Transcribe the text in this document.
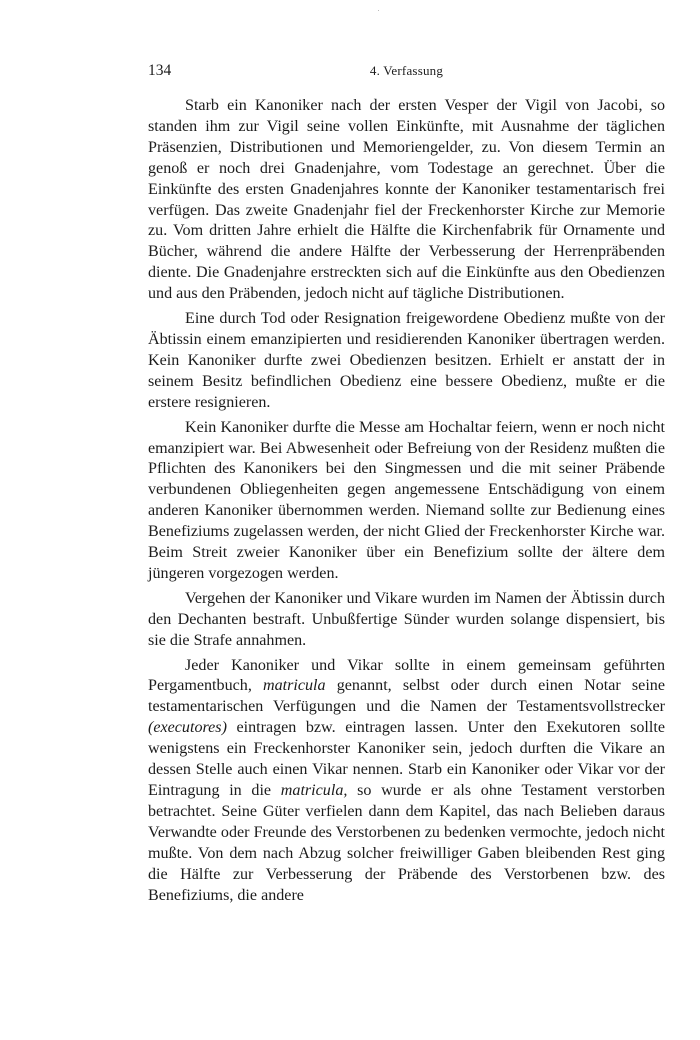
134	4. Verfassung

Starb ein Kanoniker nach der ersten Vesper der Vigil von Jacobi, so standen ihm zur Vigil seine vollen Einkünfte, mit Ausnahme der täglichen Präsenzien, Distributionen und Memoriengelder, zu. Von diesem Termin an genoß er noch drei Gnadenjahre, vom Todestage an gerechnet. Über die Einkünfte des ersten Gnadenjahres konnte der Kanoniker testamentarisch frei verfügen. Das zweite Gnadenjahr fiel der Freckenhorster Kirche zur Memorie zu. Vom dritten Jahre erhielt die Hälfte die Kirchenfabrik für Ornamente und Bücher, während die andere Hälfte der Verbesserung der Herrenpräbenden diente. Die Gnadenjahre erstreckten sich auf die Einkünfte aus den Obedienzen und aus den Präbenden, jedoch nicht auf tägliche Distributionen.

Eine durch Tod oder Resignation freigewordene Obedienz mußte von der Äbtissin einem emanzipierten und residierenden Kanoniker übertragen werden. Kein Kanoniker durfte zwei Obedienzen besitzen. Erhielt er anstatt der in seinem Besitz befindlichen Obedienz eine bessere Obedienz, mußte er die erstere resignieren.

Kein Kanoniker durfte die Messe am Hochaltar feiern, wenn er noch nicht emanzipiert war. Bei Abwesenheit oder Befreiung von der Residenz mußten die Pflichten des Kanonikers bei den Singmessen und die mit seiner Präbende verbundenen Obliegenheiten gegen angemessene Entschädigung von einem anderen Kanoniker übernommen werden. Niemand sollte zur Bedienung eines Benefiziums zugelassen werden, der nicht Glied der Freckenhorster Kirche war. Beim Streit zweier Kanoniker über ein Benefizium sollte der ältere dem jüngeren vorgezogen werden.

Vergehen der Kanoniker und Vikare wurden im Namen der Äbtissin durch den Dechanten bestraft. Unbußfertige Sünder wurden solange dispensiert, bis sie die Strafe annahmen.

Jeder Kanoniker und Vikar sollte in einem gemeinsam geführten Pergamentbuch, matricula genannt, selbst oder durch einen Notar seine testamentarischen Verfügungen und die Namen der Testamentsvollstrecker (executores) eintragen bzw. eintragen lassen. Unter den Exekutoren sollte wenigstens ein Freckenhorster Kanoniker sein, jedoch durften die Vikare an dessen Stelle auch einen Vikar nennen. Starb ein Kanoniker oder Vikar vor der Eintragung in die matricula, so wurde er als ohne Testament verstorben betrachtet. Seine Güter verfielen dann dem Kapitel, das nach Belieben daraus Verwandte oder Freunde des Verstorbenen zu bedenken vermochte, jedoch nicht mußte. Von dem nach Abzug solcher freiwilliger Gaben bleibenden Rest ging die Hälfte zur Verbesserung der Präbende des Verstorbenen bzw. des Benefiziums, die andere
